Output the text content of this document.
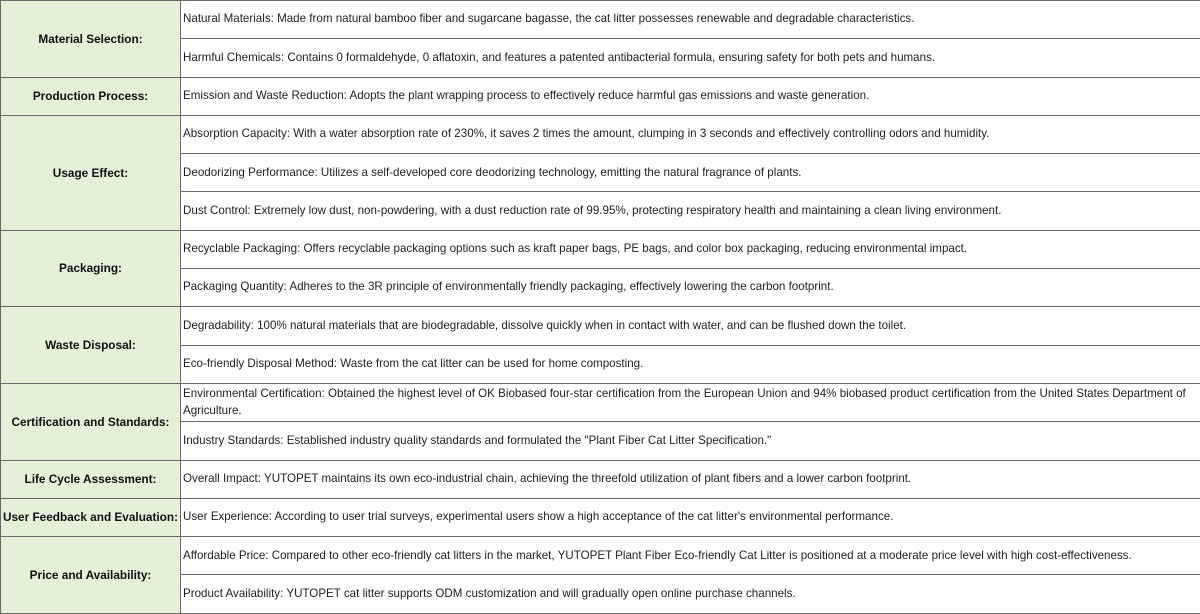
Material Selection:	Natural Materials: Made from natural bamboo fiber and sugarcane bagasse, the cat litter possesses renewable and degradable characteristics.
	Harmful Chemicals: Contains 0 formaldehyde, 0 aflatoxin, and features a patented antibacterial formula, ensuring safety for both pets and humans.
Production Process:	Emission and Waste Reduction: Adopts the plant wrapping process to effectively reduce harmful gas emissions and waste generation.
Usage Effect:	Absorption Capacity: With a water absorption rate of 230%, it saves 2 times the amount, clumping in 3 seconds and effectively controlling odors and humidity.
	Deodorizing Performance: Utilizes a self-developed core deodorizing technology, emitting the natural fragrance of plants.
	Dust Control: Extremely low dust, non-powdering, with a dust reduction rate of 99.95%, protecting respiratory health and maintaining a clean living environment.
Packaging:	Recyclable Packaging: Offers recyclable packaging options such as kraft paper bags, PE bags, and color box packaging, reducing environmental impact.
	Packaging Quantity: Adheres to the 3R principle of environmentally friendly packaging, effectively lowering the carbon footprint.
Waste Disposal:	Degradability: 100% natural materials that are biodegradable, dissolve quickly when in contact with water, and can be flushed down the toilet.
	Eco-friendly Disposal Method: Waste from the cat litter can be used for home composting.
Certification and Standards:	Environmental Certification: Obtained the highest level of OK Biobased four-star certification from the European Union and 94% biobased product certification from the United States Department of Agriculture.
	Industry Standards: Established industry quality standards and formulated the "Plant Fiber Cat Litter Specification."
Life Cycle Assessment:	Overall Impact: YUTOPET maintains its own eco-industrial chain, achieving the threefold utilization of plant fibers and a lower carbon footprint.
User Feedback and Evaluation:	User Experience: According to user trial surveys, experimental users show a high acceptance of the cat litter's environmental performance.
Price and Availability:	Affordable Price: Compared to other eco-friendly cat litters in the market, YUTOPET Plant Fiber Eco-friendly Cat Litter is positioned at a moderate price level with high cost-effectiveness.
	Product Availability: YUTOPET cat litter supports ODM customization and will gradually open online purchase channels.
